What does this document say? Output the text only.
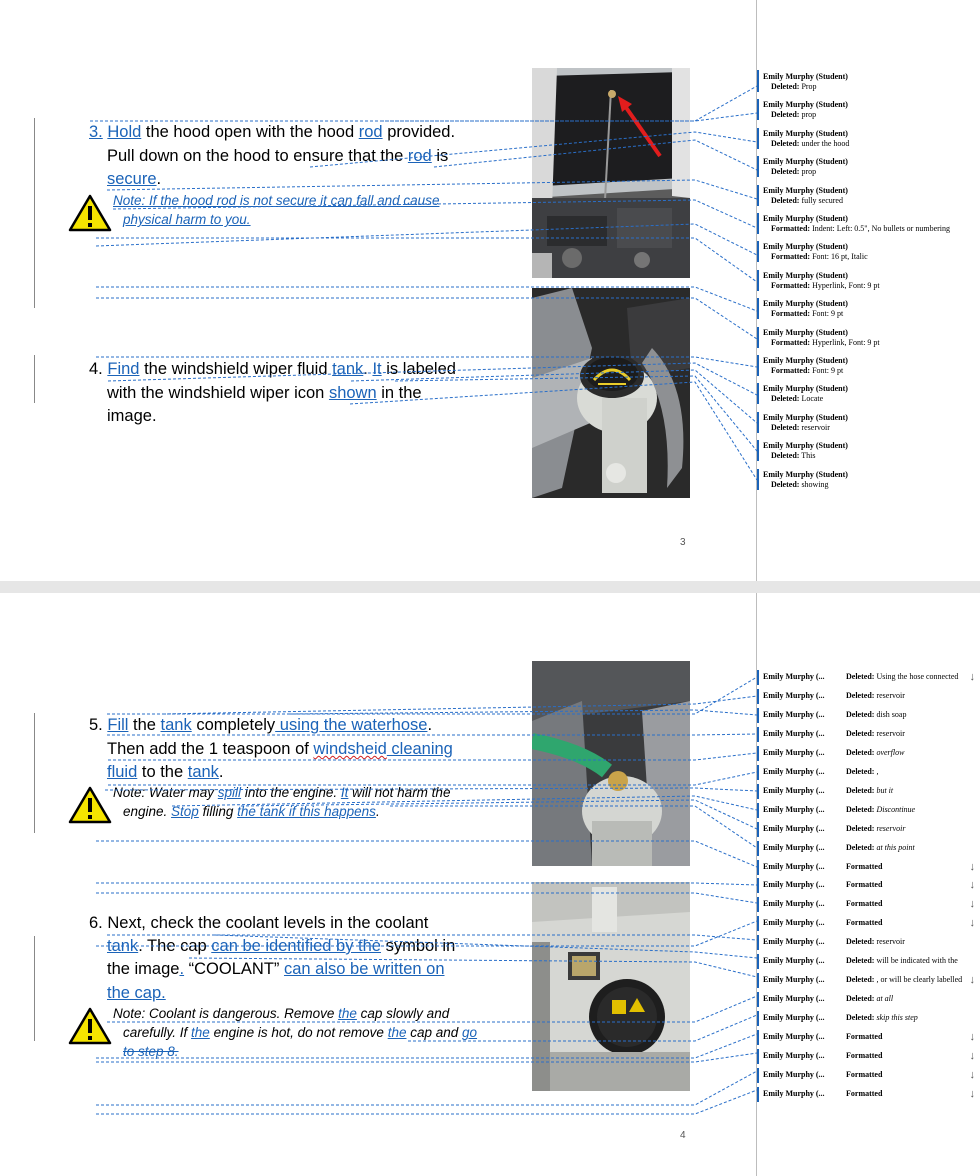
3. Hold the hood open with the hood rod provided.
Pull down on the hood to ensure that the rod is
secure.
Note: If the hood rod is not secure it can fall and cause
physical harm to you.
4. Find the windshield wiper fluid tank. It is labeled
with the windshield wiper icon shown in the
image.
3
Emily Murphy (Student)
Deleted: Prop
Emily Murphy (Student)
Deleted: prop
Emily Murphy (Student)
Deleted: under the hood
Emily Murphy (Student)
Deleted: prop
Emily Murphy (Student)
Deleted: fully secured
Emily Murphy (Student)
Formatted: Indent: Left: 0.5", No bullets or numbering
Emily Murphy (Student)
Formatted: Font: 16 pt, Italic
Emily Murphy (Student)
Formatted: Hyperlink, Font: 9 pt
Emily Murphy (Student)
Formatted: Font: 9 pt
Emily Murphy (Student)
Formatted: Hyperlink, Font: 9 pt
Emily Murphy (Student)
Formatted: Font: 9 pt
Emily Murphy (Student)
Deleted: Locate
Emily Murphy (Student)
Deleted: reservoir
Emily Murphy (Student)
Deleted: This
Emily Murphy (Student)
Deleted: showing
5. Fill the tank completely using the waterhose.
Then add the 1 teaspoon of windsheid cleaning
fluid to the tank.
Note: Water may spill into the engine. It will not harm the
engine. Stop filling the tank if this happens.
6. Next, check the coolant levels in the coolant
tank. The cap can be identified by the symbol in
the image. “COOLANT” can also be written on
the cap.
Note: Coolant is dangerous. Remove the cap slowly and
carefully. If the engine is hot, do not remove the cap and go
to step 8.
4
Emily Murphy (...	Deleted: Using the hose connected ↓
Emily Murphy (...	Deleted: reservoir
Emily Murphy (...	Deleted: dish soap
Emily Murphy (...	Deleted: reservoir
Emily Murphy (...	Deleted: overflow
Emily Murphy (...	Deleted: ,
Emily Murphy (...	Deleted: but it
Emily Murphy (...	Deleted: Discontinue
Emily Murphy (...	Deleted: reservoir
Emily Murphy (...	Deleted: at this point
Emily Murphy (...	Formatted	↓
Emily Murphy (...	Formatted	↓
Emily Murphy (...	Formatted	↓
Emily Murphy (...	Formatted	↓
Emily Murphy (...	Deleted: reservoir
Emily Murphy (...	Deleted: will be indicated with the
Emily Murphy (...	Deleted: , or will be clearly labelled ↓
Emily Murphy (...	Deleted: at all
Emily Murphy (...	Deleted: skip this step
Emily Murphy (...	Formatted	↓
Emily Murphy (...	Formatted	↓
Emily Murphy (...	Formatted	↓
Emily Murphy (...	Formatted	↓
